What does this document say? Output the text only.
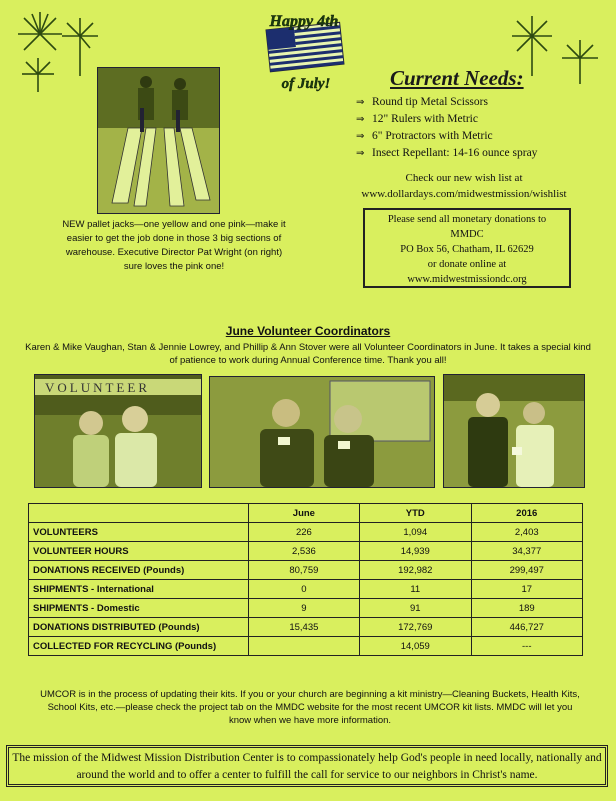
Happy 4th
of July!
NEW pallet jacks—one yellow and one pink—make it easier to get the job done in those 3 big sections of warehouse. Executive Director Pat Wright (on right) sure loves the pink one!
Current Needs:
⇒ Round tip Metal Scissors
⇒ 12" Rulers with Metric
⇒ 6" Protractors with Metric
⇒ Insect Repellant: 14-16 ounce spray
Check our new wish list at
www.dollardays.com/midwestmission/wishlist
Please send all monetary donations to
MMDC
PO Box 56, Chatham, IL 62629
or donate online at
www.midwestmissiondc.org
June Volunteer Coordinators
Karen & Mike Vaughan, Stan & Jennie Lowrey, and Phillip & Ann Stover were all Volunteer Coordinators in June. It takes a special kind of patience to work during Annual Conference time. Thank you all!
VOLUNTEER
	June	YTD	2016
VOLUNTEERS	226	1,094	2,403
VOLUNTEER HOURS	2,536	14,939	34,377
DONATIONS RECEIVED (Pounds)	80,759	192,982	299,497
SHIPMENTS - International	0	11	17
SHIPMENTS - Domestic	9	91	189
DONATIONS DISTRIBUTED (Pounds)	15,435	172,769	446,727
COLLECTED FOR RECYCLING (Pounds)		14,059	---
UMCOR is in the process of updating their kits. If you or your church are beginning a kit ministry—Cleaning Buckets, Health Kits, School Kits, etc.—please check the project tab on the MMDC website for the most recent UMCOR kit lists. MMDC will let you know when we have more information.
The mission of the Midwest Mission Distribution Center is to compassionately help God's people in need locally, nationally and around the world and to offer a center to fulfill the call for service to our neighbors in Christ's name.
